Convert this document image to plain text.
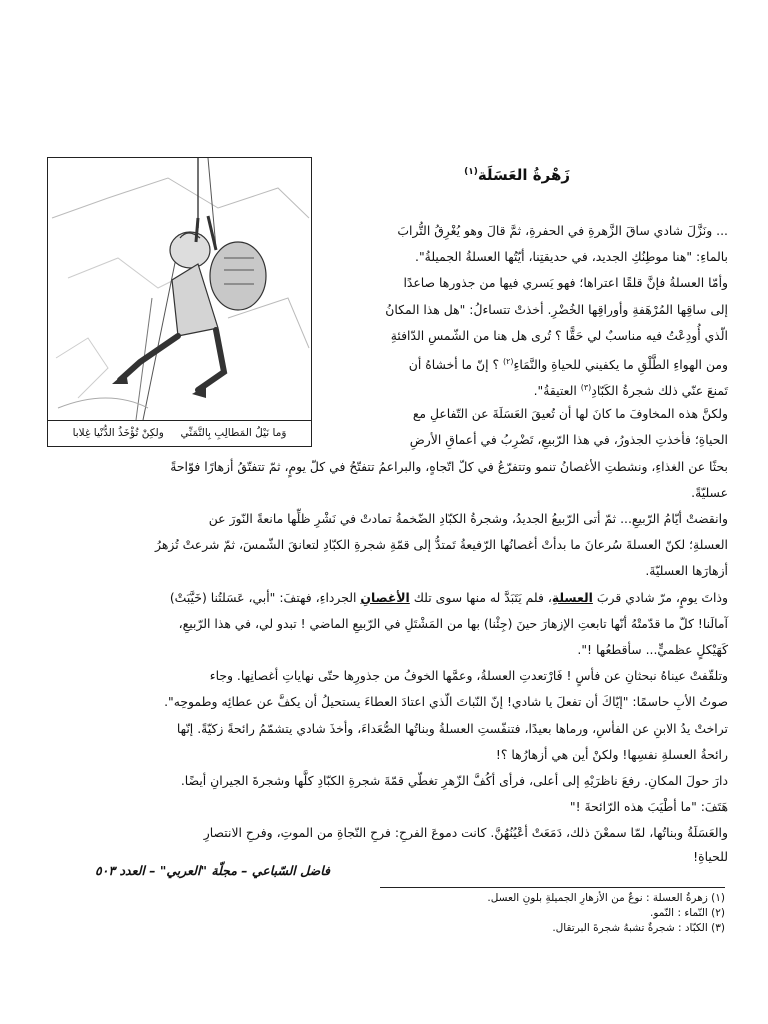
زَهْرةُ العَسَلَة$^{(١)}$
وَما نَيْلُ المَطالِبِ بِالتَّمَنِّي     ولكِنْ تُؤْخَذُ الدُّنْيا غِلابا
... ونَزَّلَ شادي ساقَ الزَّهرةِ في الحفرةِ، ثمَّ قالَ وهو يُغْرِقُ التُّرابَ
بالماءِ: "هنا موطِنُكِ الجديد، في حديقتِنا، أيّتُها العسلةُ الجميلةُ".
وأمّا العسلةُ فإنَّ قلقًا اعتراها؛ فهو يَسري فيها من جذورها صاعدًا
إلى ساقِها المُرْهَفةِ وأوراقِها الخُضْرِ. أخذتْ تتساءلُ: "هل هذا المكانُ
الّذي أُودِعْتُ فيه مناسبٌ لي حَقًّا ؟ تُرى هل هنا من الشّمسِ الدّافئةِ
ومن الهواءِ الطَّلْقِ ما يكفيني للحياةِ والنَّمَاءِ$^{(٢)}$ ؟ إنّ ما أخشاهُ أن
تَمنعَ عنّي ذلك شجرةُ الكَبّادِ$^{(٣)}$ العتيقةُ".
ولكنَّ هذه المخاوفَ ما كانَ لها أن تُعيقَ العَسَلَةَ عن التّفاعلِ مع
الحياةِ؛ فأخذتِ الجذورُ، في هذا الرّبيعِ، تَضْرِبُ في أعماقِ الأرضِ
بحثًا عن الغذاءِ، ونشطتِ الأغصانُ تنمو وتتفرّعُ في كلّ اتّجاهٍ، والبراعمُ تتفتّحُ في كلّ يومٍ، ثمّ تتفتّقُ أزهارًا فوّاحةً
عسليّةً.
وانقضتْ أيّامُ الرّبيعِ... ثمّ أتى الرّبيعُ الجديدُ، وشجرةُ الكبّادِ الضّخمةُ تمادتْ في نَشْرِ ظلِّها مانعةً النّورَ عن
العسلةِ؛ لكنّ العسلةَ سُرعانَ ما بدأتْ أغصانُها الرّفيعةُ تَمتدُّ إلى قمّةِ شجرةِ الكبّادِ لتعانقَ الشّمسَ، ثمّ شرعتْ تُزهرُ
أزهارَها العسليّةَ.
وذاتَ يومٍ، مرّ شادي قربَ العسلةِ، فلم يَتَبَدَّ له منها سوى تلك الأغصانِ الجرداءِ، فهتفَ: "أبي، عَسَلتُنا (خَيَّبَتْ)
آمالَنا! كلّ ما قدّمتْهُ أنّها تابعتِ الإزهارَ حينَ (جِئْنا) بها من المَشْتَلِ في الرّبيعِ الماضي ! تبدو لي، في هذا الرّبيعِ،
كَهَيْكلٍ عظميٍّ... سأقطعُها !".
وتلقّفتْ عيناهُ نبحثانِ عن فأسٍ ! فَارْتعدتِ العسلةُ، وعمَّها الخوفُ من جذورِها حتّى نهاياتِ أغصانِها. وجاء
صوتُ الأبِ حاسمًا: "إيّاكَ أن تفعلَ يا شادي! إنّ النّباتَ الّذي اعتادَ العطاءَ يستحيلُ أن يكفَّ عن عطائِه وطموحِه".
تراختْ يدُ الابنِ عن الفأسِ، ورماها بعيدًا، فتنفّستِ العسلةُ وبناتُها الصُّعَداءَ، وأخذَ شادي يتشمّمُ رائحةً زكيّةً. إنّها
رائحةُ العسلةِ نفسِها! ولكنْ أين هي أزهارُها ؟!
دارَ حولَ المكانِ. رفعَ ناظرَيْهِ إلى أعلى، فرأى أكُفَّ الزّهرِ تغطّي قمّةَ شجرةِ الكبّادِ كلَّها وشجرةَ الجيرانِ أيضًا.
هَتَفَ: "ما أطْيَبَ هذه الرّائحةَ !"
والعَسَلَةُ وبناتُها، لمّا سمعْنَ ذلك، دَمَعَتْ أعْيُنُهُنَّ. كانت دموعَ الفرحِ: فرحِ النّجاةِ من الموتِ، وفرحِ الانتصارِ
للحياةِ!
فاضل السّباعي – مجلّة "العربي" – العدد ٥٠٣
(١) زهرةُ العسلة : نوعٌ من الأزهارِ الجميلةِ بلونِ العسل.
(٢) النّماء : النّمو.
(٣) الكبّاد : شجرةٌ تشبهُ شجرةَ البرتقال.
